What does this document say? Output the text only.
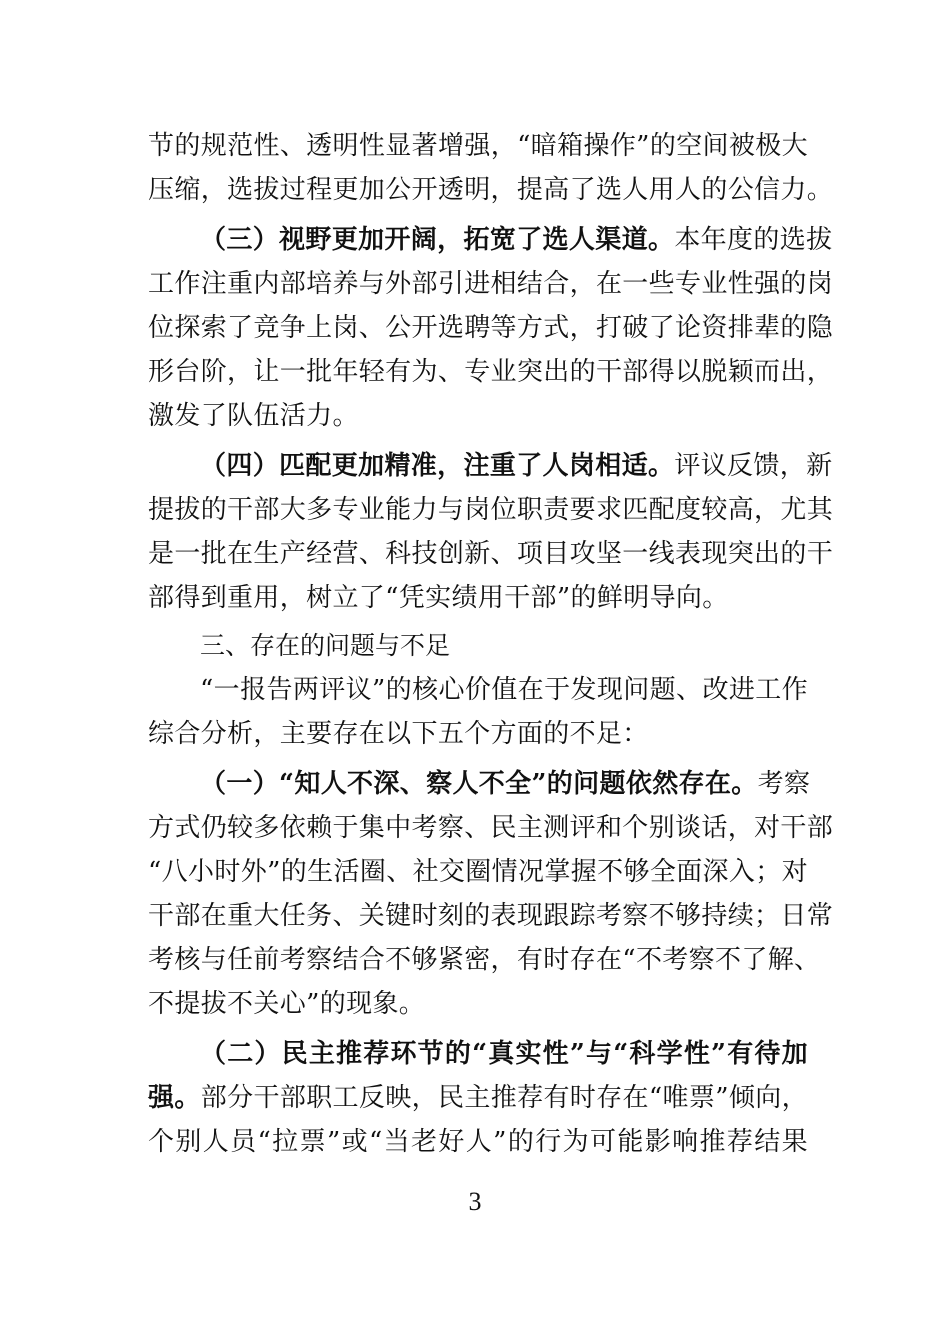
节的规范性、透明性显著增强，“暗箱操作”的空间被极大
压缩，选拔过程更加公开透明，提高了选人用人的公信力。
（三）视野更加开阔，拓宽了选人渠道。本年度的选拔
工作注重内部培养与外部引进相结合，在一些专业性强的岗
位探索了竞争上岗、公开选聘等方式，打破了论资排辈的隐
形台阶，让一批年轻有为、专业突出的干部得以脱颖而出，
激发了队伍活力。
（四）匹配更加精准，注重了人岗相适。评议反馈，新
提拔的干部大多专业能力与岗位职责要求匹配度较高，尤其
是一批在生产经营、科技创新、项目攻坚一线表现突出的干
部得到重用，树立了“凭实绩用干部”的鲜明导向。
三、存在的问题与不足
“一报告两评议”的核心价值在于发现问题、改进工作
综合分析，主要存在以下五个方面的不足：
（一）“知人不深、察人不全”的问题依然存在。考察
方式仍较多依赖于集中考察、民主测评和个别谈话，对干部
“八小时外”的生活圈、社交圈情况掌握不够全面深入；对
干部在重大任务、关键时刻的表现跟踪考察不够持续；日常
考核与任前考察结合不够紧密，有时存在“不考察不了解、
不提拔不关心”的现象。
（二）民主推荐环节的“真实性”与“科学性”有待加
强。部分干部职工反映，民主推荐有时存在“唯票”倾向，
个别人员“拉票”或“当老好人”的行为可能影响推荐结果
3
